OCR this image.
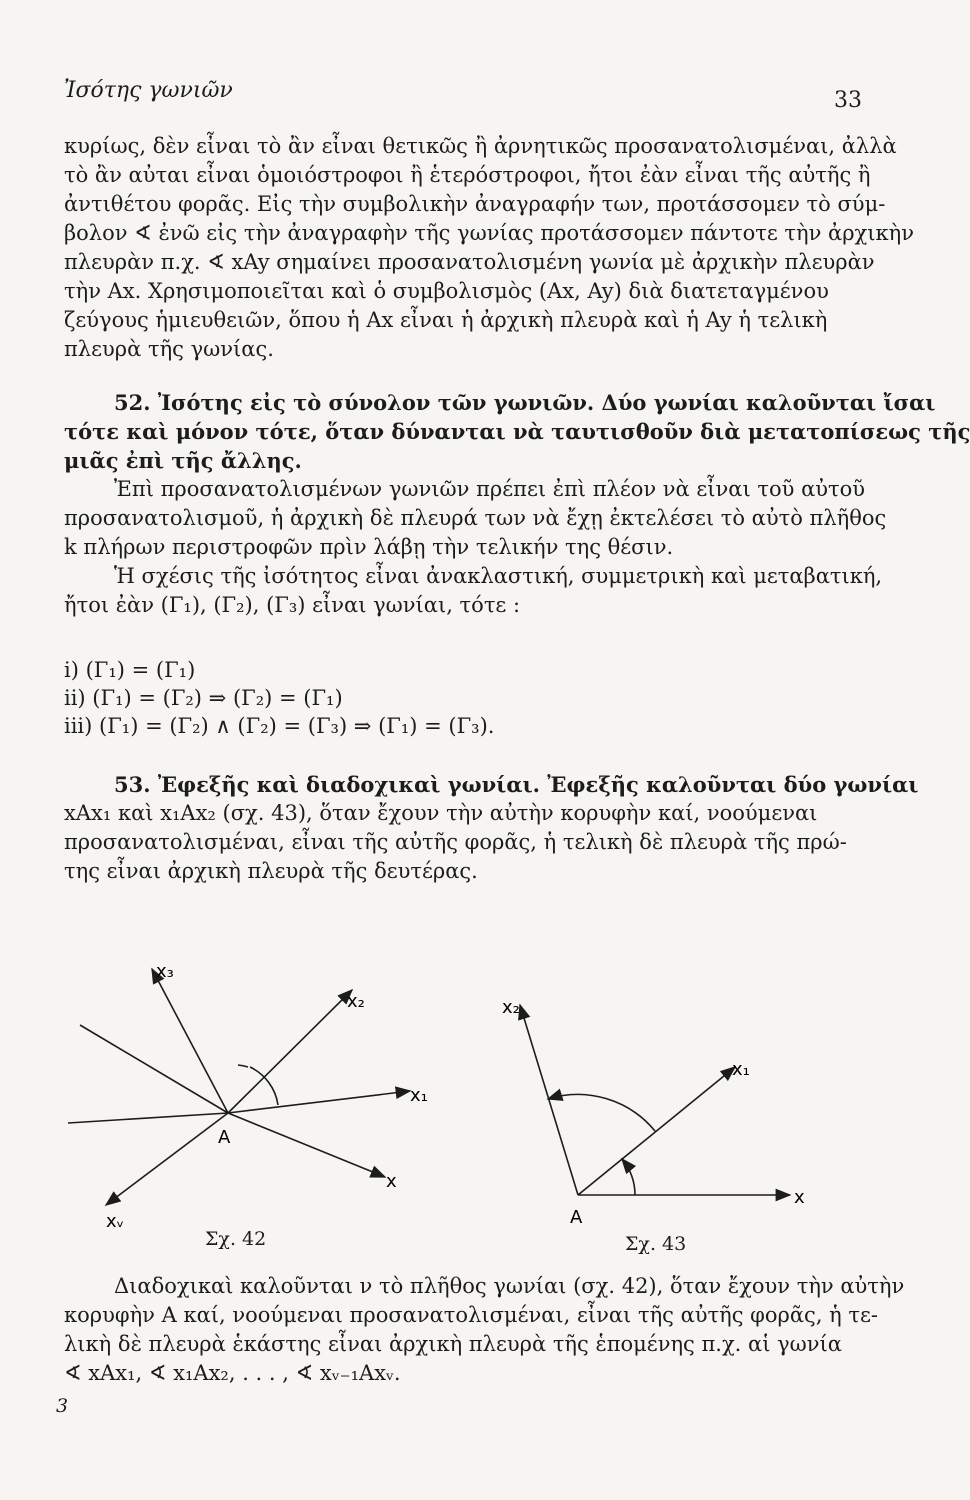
Ἰσότης γωνιῶν	33
κυρίως, δὲν εἶναι τὸ ἂν εἶναι θετικῶς ἢ ἀρνητικῶς προσανατολισμέναι, ἀλλὰ
τὸ ἂν αὐται εἶναι ὁμοιόστροφοι ἢ ἑτερόστροφοι, ἤτοι ἐὰν εἶναι τῆς αὐτῆς ἢ
ἀντιθέτου φορᾶς. Εἰς τὴν συμβολικὴν ἀναγραφήν των, προτάσσομεν τὸ σύμ-
βολον ∢ ἐνῶ εἰς τὴν ἀναγραφὴν τῆς γωνίας προτάσσομεν πάντοτε τὴν ἀρχικὴν
πλευρὰν π.χ. ∢ xAy σημαίνει προσανατολισμένη γωνία μὲ ἀρχικὴν πλευρὰν
τὴν Ax. Χρησιμοποιεῖται καὶ ὁ συμβολισμὸς (Ax, Ay) διὰ διατεταγμένου
ζεύγους ἡμιευθειῶν, ὅπου ἡ Ax εἶναι ἡ ἀρχικὴ πλευρὰ καὶ ἡ Ay ἡ τελικὴ
πλευρὰ τῆς γωνίας.
52. Ἰσότης εἰς τὸ σύνολον τῶν γωνιῶν. Δύο γωνίαι καλοῦνται ἴσαι
τότε καὶ μόνον τότε, ὅταν δύνανται νὰ ταυτισθοῦν διὰ μετατοπίσεως τῆς
μιᾶς ἐπὶ τῆς ἄλλης.
Ἐπὶ προσανατολισμένων γωνιῶν πρέπει ἐπὶ πλέον νὰ εἶναι τοῦ αὐτοῦ
προσανατολισμοῦ, ἡ ἀρχικὴ δὲ πλευρά των νὰ ἔχῃ ἐκτελέσει τὸ αὐτὸ πλῆθος
k πλήρων περιστροφῶν πρὶν λάβῃ τὴν τελικήν της θέσιν.
Ἡ σχέσις τῆς ἰσότητος εἶναι ἀνακλαστική, συμμετρικὴ καὶ μεταβατική,
ἤτοι ἐὰν (Γ₁), (Γ₂), (Γ₃) εἶναι γωνίαι, τότε :
i) (Γ₁) = (Γ₁)
ii) (Γ₁) = (Γ₂) ⇒ (Γ₂) = (Γ₁)
iii) (Γ₁) = (Γ₂) ∧ (Γ₂) = (Γ₃) ⇒ (Γ₁) = (Γ₃).
53. Ἐφεξῆς καὶ διαδοχικαὶ γωνίαι. Ἐφεξῆς καλοῦνται δύο γωνίαι
xAx₁ καὶ x₁Ax₂ (σχ. 43), ὅταν ἔχουν τὴν αὐτὴν κορυφὴν καί, νοούμεναι
προσανατολισμέναι, εἶναι τῆς αὐτῆς φορᾶς, ἡ τελικὴ δὲ πλευρὰ τῆς πρώ-
της εἶναι ἀρχικὴ πλευρὰ τῆς δευτέρας.
A
x₃
x₂
x₁
x
xᵥ
Σχ. 42
A
x₂
x₁
x
Σχ. 43
Διαδοχικαὶ καλοῦνται ν τὸ πλῆθος γωνίαι (σχ. 42), ὅταν ἔχουν τὴν αὐτὴν
κορυφὴν A καί, νοούμεναι προσανατολισμέναι, εἶναι τῆς αὐτῆς φορᾶς, ἡ τε-
λικὴ δὲ πλευρὰ ἑκάστης εἶναι ἀρχικὴ πλευρὰ τῆς ἑπομένης π.χ. αἱ γωνία
∢ xAx₁, ∢ x₁Ax₂, . . . , ∢ xᵥ₋₁Axᵥ.
3
